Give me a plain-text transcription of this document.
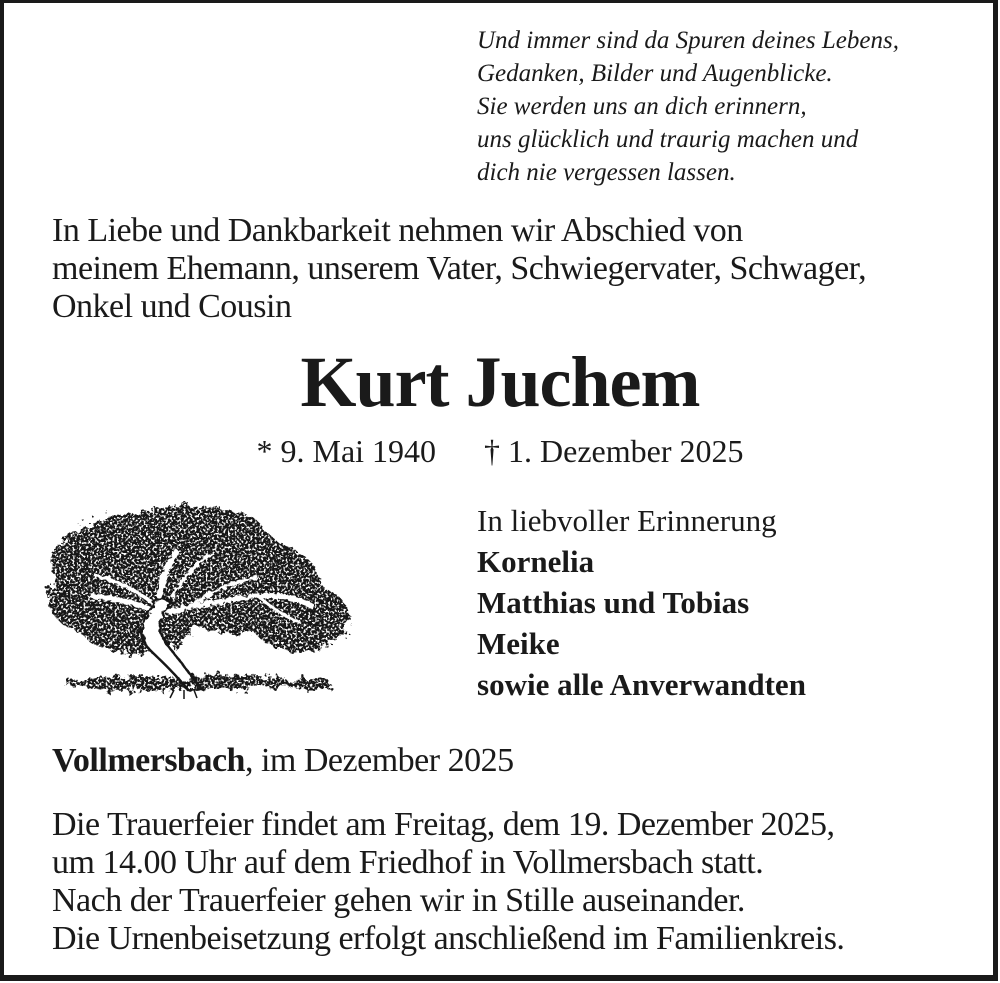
Und immer sind da Spuren deines Lebens,
Gedanken, Bilder und Augenblicke.
Sie werden uns an dich erinnern,
uns glücklich und traurig machen und
dich nie vergessen lassen.
In Liebe und Dankbarkeit nehmen wir Abschied von
meinem Ehemann, unserem Vater, Schwiegervater, Schwager,
Onkel und Cousin
Kurt Juchem
* 9. Mai 1940 † 1. Dezember 2025
In liebvoller Erinnerung
Kornelia
Matthias und Tobias
Meike
sowie alle Anverwandten
Vollmersbach, im Dezember 2025
Die Trauerfeier findet am Freitag, dem 19. Dezember 2025,
um 14.00 Uhr auf dem Friedhof in Vollmersbach statt.
Nach der Trauerfeier gehen wir in Stille auseinander.
Die Urnenbeisetzung erfolgt anschließend im Familienkreis.
